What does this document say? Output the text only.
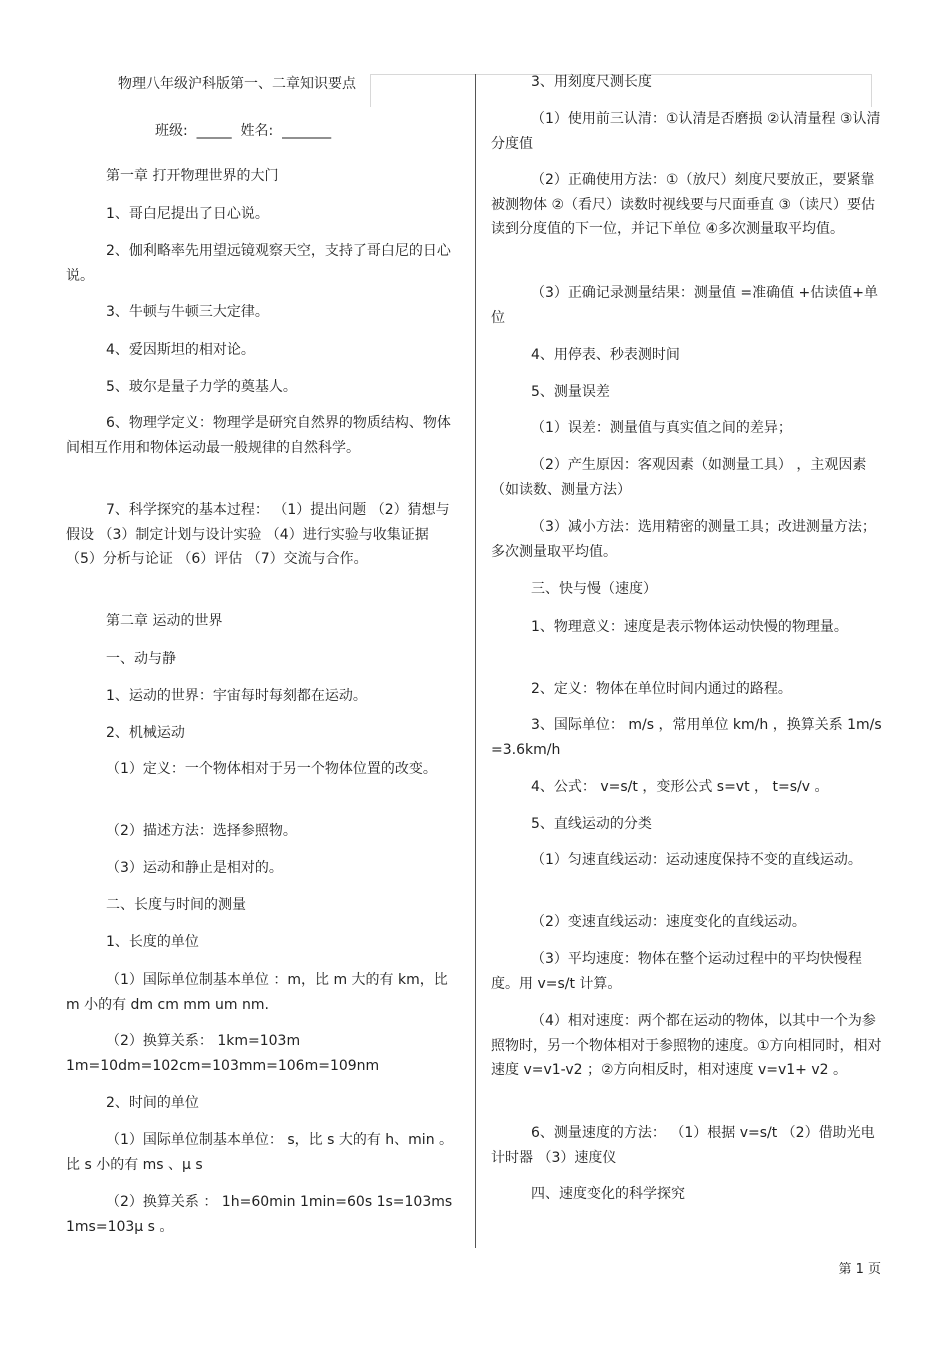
物理八年级沪科版第一、二章知识要点
班级:  _____  姓名:  _______

第一章 打开物理世界的大门

1、哥白尼提出了日心说。

2、伽利略率先用望远镜观察天空，支持了哥白尼的日心说。

3、牛顿与牛顿三大定律。

4、爱因斯坦的相对论。

5、玻尔是量子力学的奠基人。

6、物理学定义：物理学是研究自然界的物质结构、物体间相互作用和物体运动最一般规律的自然科学。

7、科学探究的基本过程： （1）提出问题 （2）猜想与假设 （3）制定计划与设计实验 （4）进行实验与收集证据 （5）分析与论证 （6）评估 （7）交流与合作。

第二章 运动的世界

一、动与静

1、运动的世界：宇宙每时每刻都在运动。

2、机械运动

（1）定义：一个物体相对于另一个物体位置的改变。

（2）描述方法：选择参照物。

（3）运动和静止是相对的。

二、长度与时间的测量

1、长度的单位

（1）国际单位制基本单位 ：m，比 m 大的有 km，比 m 小的有 dm cm mm um nm.

（2）换算关系： 1km=103m

1m=10dm=102cm=103mm=106m=109nm

2、时间的单位

（1）国际单位制基本单位： s，比 s 大的有 h、min 。比 s 小的有 ms 、μ s

（2）换算关系 ： 1h=60min 1min=60s 1s=103ms

1ms=103μ s 。

3、用刻度尺测长度

（1）使用前三认清：①认清是否磨损 ②认清量程 ③认清分度值

（2）正确使用方法：①（放尺）刻度尺要放正，要紧靠被测物体 ②（看尺）读数时视线要与尺面垂直 ③（读尺）要估读到分度值的下一位，并记下单位 ④多次测量取平均值。

（3）正确记录测量结果：测量值 =准确值 +估读值+单位

4、用停表、秒表测时间

5、测量误差

（1）误差：测量值与真实值之间的差异；

（2）产生原因：客观因素（如测量工具） ，主观因素（如读数、测量方法）

（3）减小方法：选用精密的测量工具；改进测量方法；多次测量取平均值。

三、快与慢（速度）

1、物理意义：速度是表示物体运动快慢的物理量。

2、定义：物体在单位时间内通过的路程。

3、国际单位： m/s ，常用单位 km/h ，换算关系 1m/s=3.6km/h

4、公式： v=s/t ，变形公式 s=vt ， t=s/v 。

5、直线运动的分类

（1）匀速直线运动：运动速度保持不变的直线运动。

（2）变速直线运动：速度变化的直线运动。

（3）平均速度：物体在整个运动过程中的平均快慢程度。用 v=s/t 计算。

（4）相对速度：两个都在运动的物体，以其中一个为参照物时，另一个物体相对于参照物的速度。①方向相同时，相对速度 v=v1-v2 ；②方向相反时，相对速度 v=v1+ v2 。

6、测量速度的方法： （1）根据 v=s/t （2）借助光电计时器 （3）速度仪

四、速度变化的科学探究

第 1 页
